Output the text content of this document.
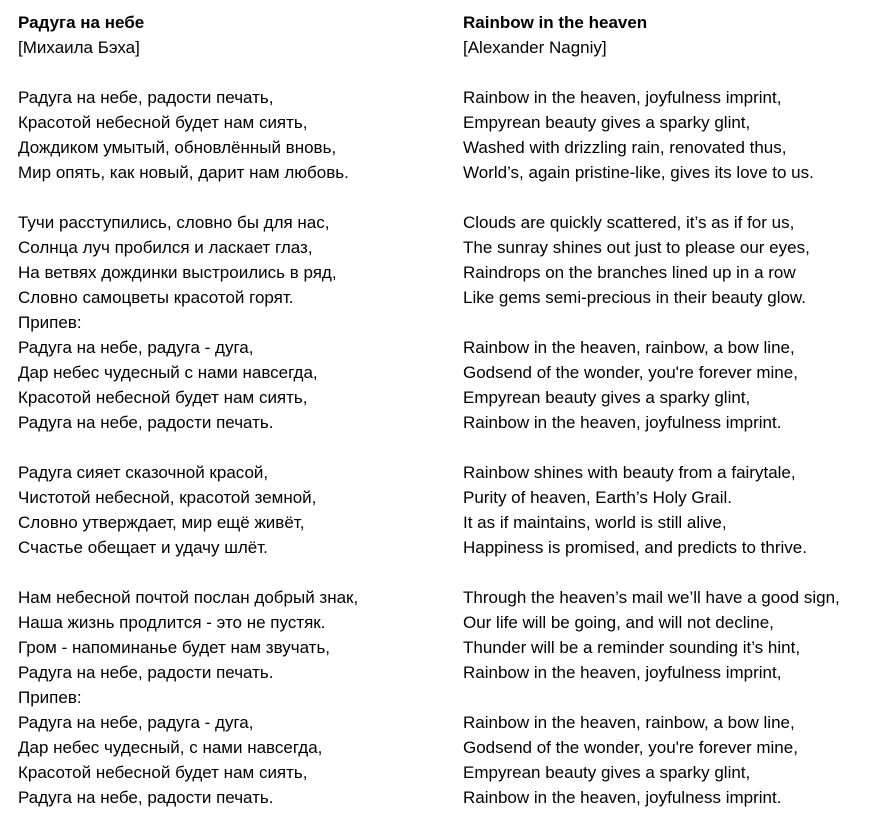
Радуга на небе
[Михаила Бэха]

Радуга на небе, радости печать,
Красотой небесной будет нам сиять,
Дождиком умытый, обновлённый вновь,
Мир опять, как новый, дарит нам любовь.

Тучи расступились, словно бы для нас,
Солнца луч пробился и ласкает глаз,
На ветвях дождинки выстроились в ряд,
Словно самоцветы красотой горят.
Припев:
Радуга на небе, радуга - дуга,
Дар небес чудесный с нами навсегда,
Красотой небесной будет нам сиять,
Радуга на небе, радости печать.

Радуга сияет сказочной красой,
Чистотой небесной, красотой земной,
Словно утверждает, мир ещё живёт,
Счастье обещает и удачу шлёт.

Нам небесной почтой послан добрый знак,
Наша жизнь продлится - это не пустяк.
Гром - напоминанье будет нам звучать,
Радуга на небе, радости печать.
Припев:
Радуга на небе, радуга - дуга,
Дар небес чудесный, с нами навсегда,
Красотой небесной будет нам сиять,
Радуга на небе, радости печать.
Rainbow in the heaven
[Alexander Nagniy]

Rainbow in the heaven, joyfulness imprint,
Empyrean beauty gives a sparky glint,
Washed with drizzling rain, renovated thus,
World’s, again pristine-like, gives its love to us.

Clouds are quickly scattered, it’s as if for us,
The sunray shines out just to please our eyes,
Raindrops on the branches lined up in a row
Like gems semi-precious in their beauty glow.

Rainbow in the heaven, rainbow, a bow line,
Godsend of the wonder, you're forever mine,
Empyrean beauty gives a sparky glint,
Rainbow in the heaven, joyfulness imprint.

Rainbow shines with beauty from a fairytale,
Purity of heaven, Earth’s Holy Grail.
It as if maintains, world is still alive,
Happiness is promised, and predicts to thrive.

Through the heaven’s mail we’ll have a good sign,
Our life will be going, and will not decline,
Thunder will be a reminder sounding it’s hint,
Rainbow in the heaven, joyfulness imprint,

Rainbow in the heaven, rainbow, a bow line,
Godsend of the wonder, you're forever mine,
Empyrean beauty gives a sparky glint,
Rainbow in the heaven, joyfulness imprint.
